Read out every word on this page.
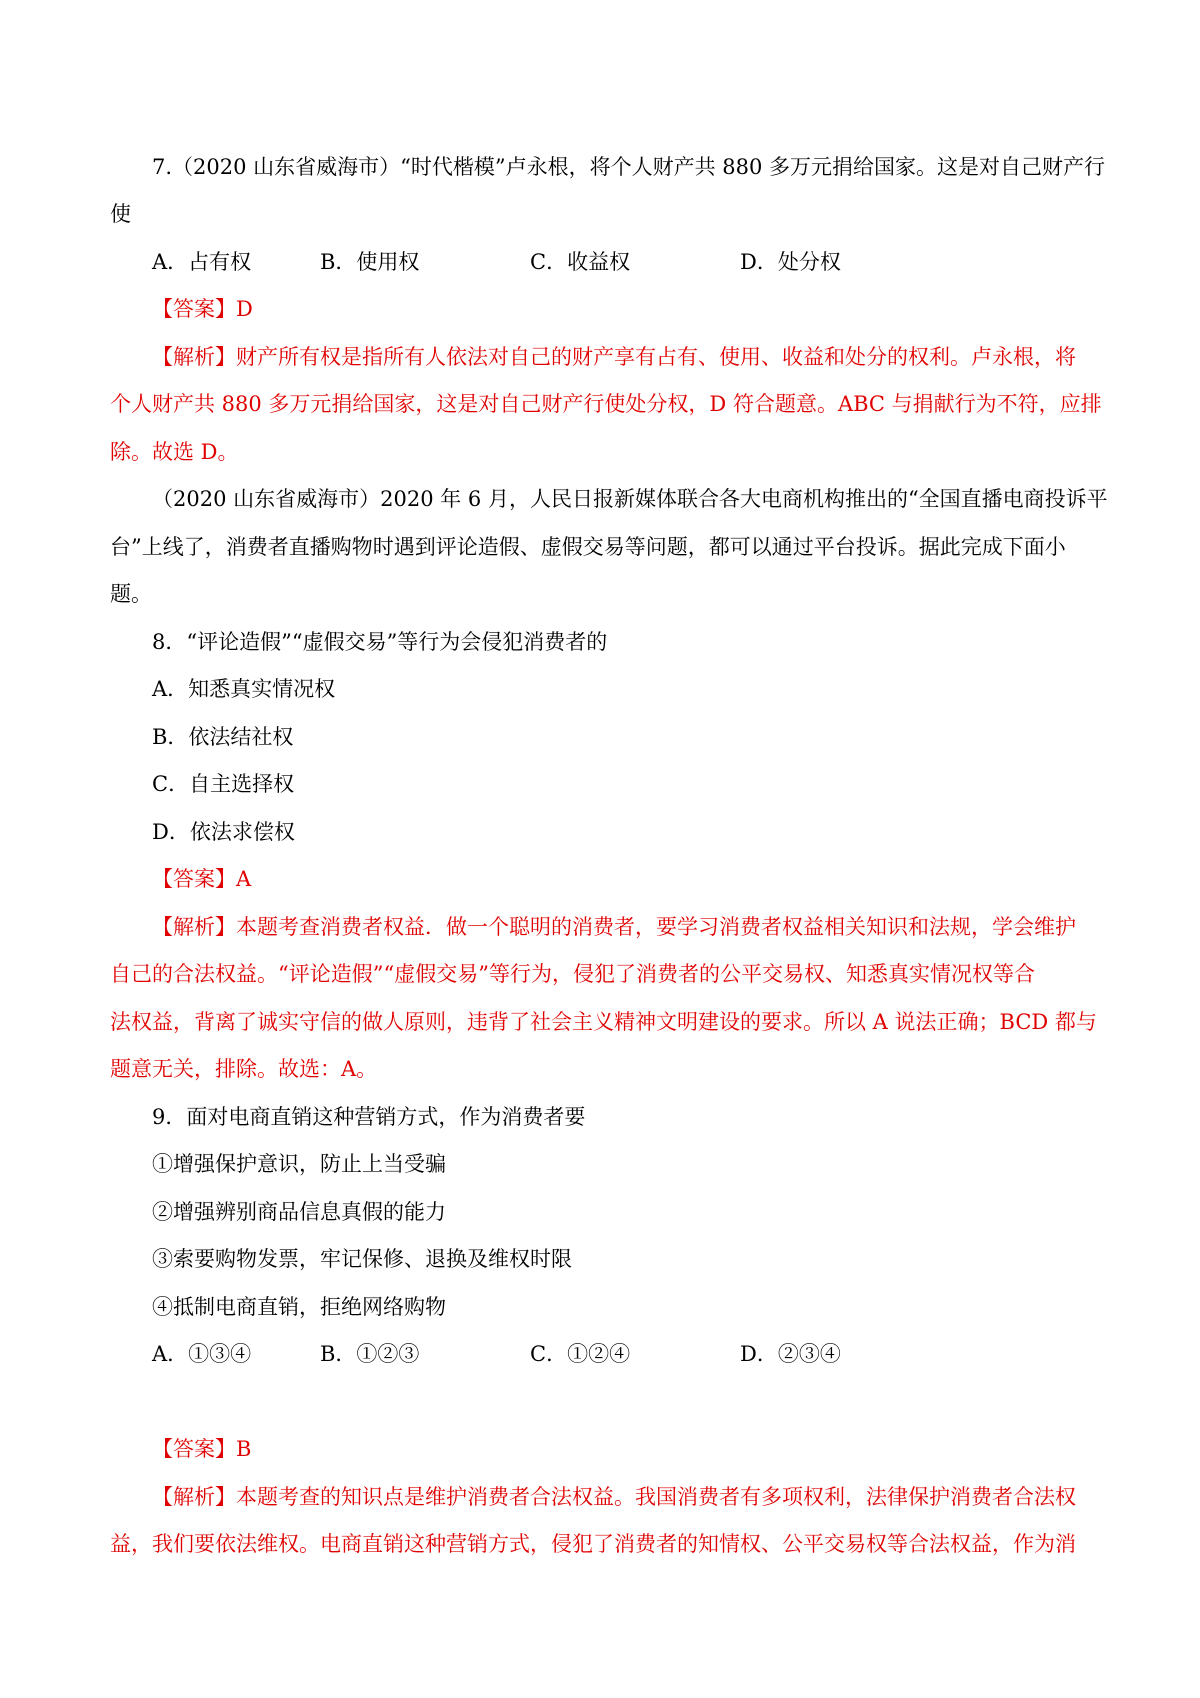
7.（2020 山东省威海市）“时代楷模”卢永根，将个人财产共 880 多万元捐给国家。这是对自己财产行
使
A．占有权	B．使用权	C．收益权	D．处分权
【答案】D
【解析】财产所有权是指所有人依法对自己的财产享有占有、使用、收益和处分的权利。卢永根，将
个人财产共 880 多万元捐给国家，这是对自己财产行使处分权，D 符合题意。ABC 与捐献行为不符，应排
除。故选 D。
（2020 山东省威海市）2020 年 6 月，人民日报新媒体联合各大电商机构推出的“全国直播电商投诉平
台”上线了，消费者直播购物时遇到评论造假、虚假交易等问题，都可以通过平台投诉。据此完成下面小
题。
8．“评论造假”“虚假交易”等行为会侵犯消费者的
A．知悉真实情况权
B．依法结社权
C．自主选择权
D．依法求偿权
【答案】A
【解析】本题考查消费者权益．做一个聪明的消费者，要学习消费者权益相关知识和法规，学会维护
自己的合法权益。“评论造假”“虚假交易”等行为，侵犯了消费者的公平交易权、知悉真实情况权等合
法权益，背离了诚实守信的做人原则，违背了社会主义精神文明建设的要求。所以 A 说法正确；BCD 都与
题意无关，排除。故选：A。
9．面对电商直销这种营销方式，作为消费者要
①增强保护意识，防止上当受骗
②增强辨别商品信息真假的能力
③索要购物发票，牢记保修、退换及维权时限
④抵制电商直销，拒绝网络购物
A．①③④	B．①②③	C．①②④	D．②③④
【答案】B
【解析】本题考查的知识点是维护消费者合法权益。我国消费者有多项权利，法律保护消费者合法权
益，我们要依法维权。电商直销这种营销方式，侵犯了消费者的知情权、公平交易权等合法权益，作为消
